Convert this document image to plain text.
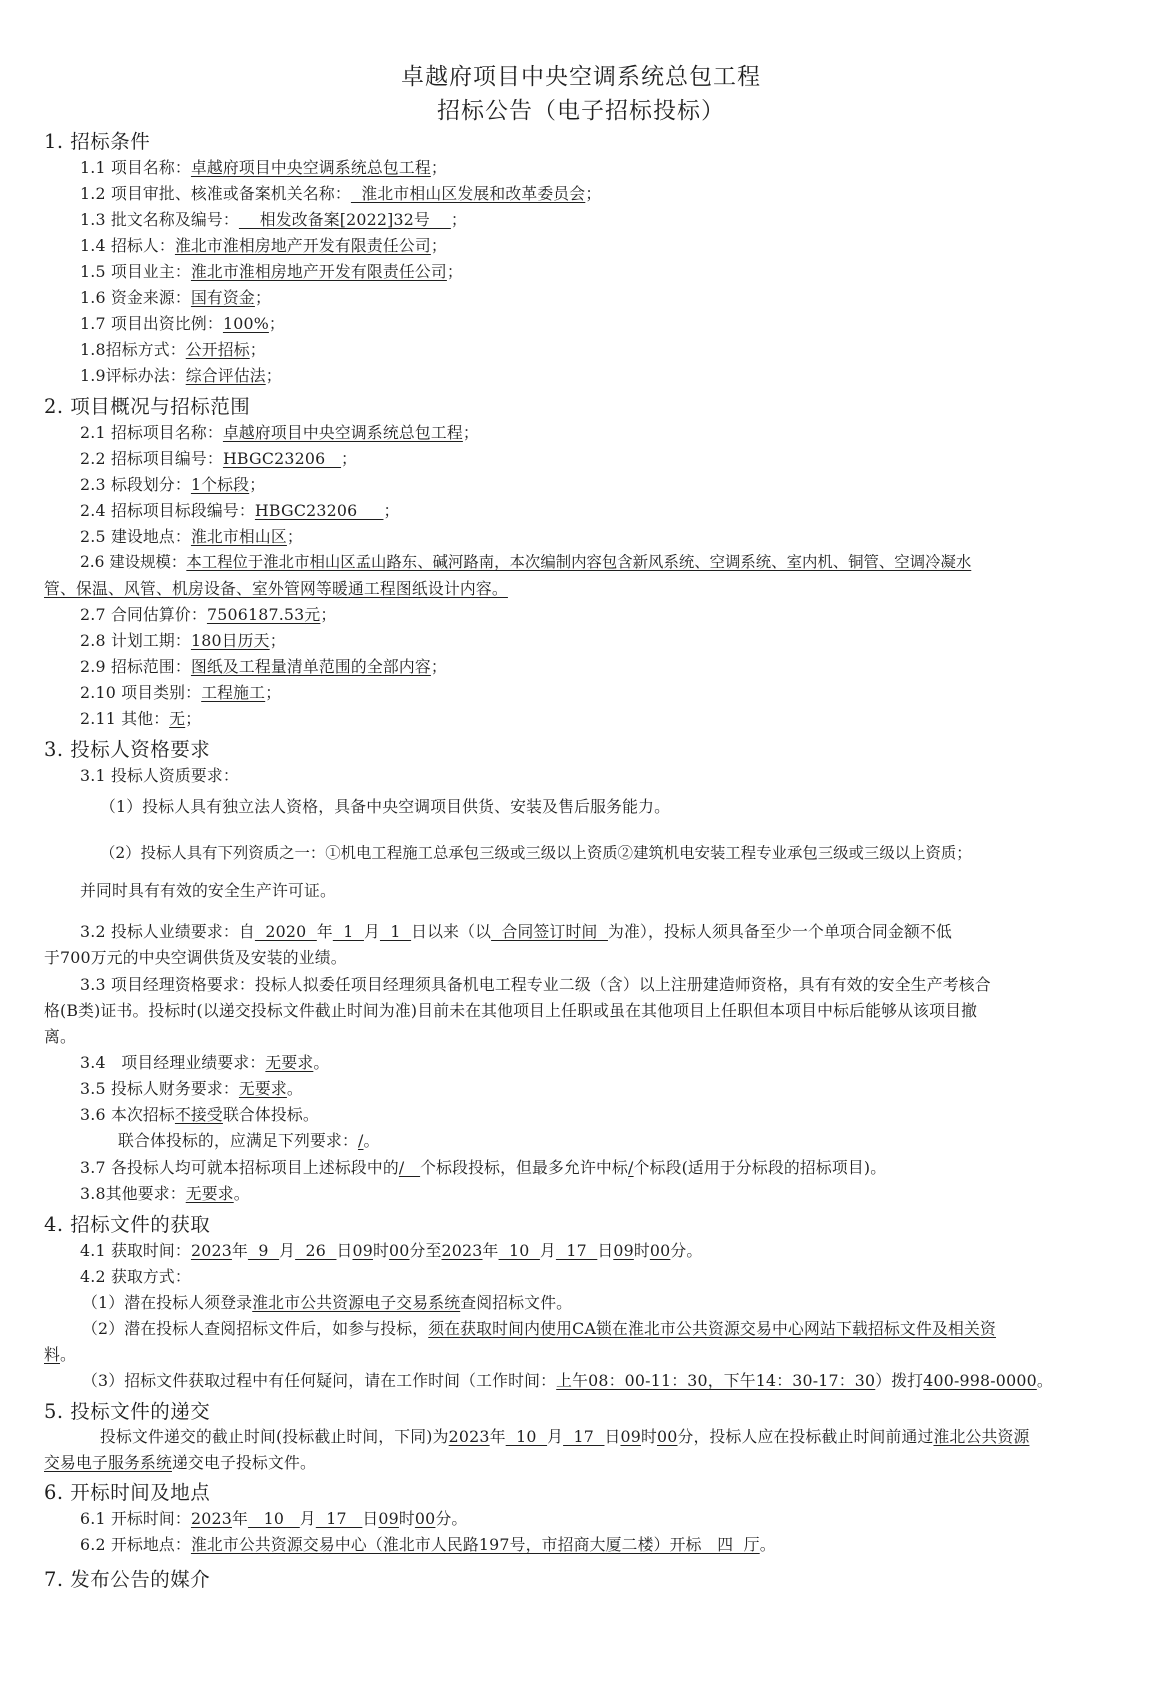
卓越府项目中央空调系统总包工程
招标公告（电子招标投标）
1. 招标条件
1.1 项目名称：卓越府项目中央空调系统总包工程；
1.2 项目审批、核准或备案机关名称：  淮北市相山区发展和改革委员会；
1.3 批文名称及编号：    相发改备案[2022]32号    ；
1.4 招标人：淮北市淮相房地产开发有限责任公司；
1.5 项目业主：淮北市淮相房地产开发有限责任公司；
1.6 资金来源：国有资金；
1.7 项目出资比例：100%；
1.8招标方式：公开招标；
1.9评标办法：综合评估法；
2. 项目概况与招标范围
2.1 招标项目名称：卓越府项目中央空调系统总包工程；
2.2 招标项目编号：HBGC23206   ；
2.3 标段划分：1个标段；
2.4 招标项目标段编号：HBGC23206     ；
2.5 建设地点：淮北市相山区；
2.6 建设规模：本工程位于淮北市相山区孟山路东、碱河路南，本次编制内容包含新风系统、空调系统、室内机、铜管、空调冷凝水
管、保温、风管、机房设备、室外管网等暖通工程图纸设计内容。
2.7 合同估算价：7506187.53元；
2.8 计划工期：180日历天；
2.9 招标范围：图纸及工程量清单范围的全部内容；
2.10 项目类别：工程施工；
2.11 其他：无；
3. 投标人资格要求
3.1 投标人资质要求：
（1）投标人具有独立法人资格，具备中央空调项目供货、安装及售后服务能力。
（2）投标人具有下列资质之一：①机电工程施工总承包三级或三级以上资质②建筑机电安装工程专业承包三级或三级以上资质；
并同时具有有效的安全生产许可证。
3.2 投标人业绩要求：自  2020  年  1  月  1  日以来（以  合同签订时间  为准），投标人须具备至少一个单项合同金额不低
于700万元的中央空调供货及安装的业绩。
3.3 项目经理资格要求：投标人拟委任项目经理须具备机电工程专业二级（含）以上注册建造师资格，具有有效的安全生产考核合
格(B类)证书。投标时(以递交投标文件截止时间为准)目前未在其他项目上任职或虽在其他项目上任职但本项目中标后能够从该项目撤
离。
3.4   项目经理业绩要求：无要求。
3.5 投标人财务要求：无要求。
3.6 本次招标不接受联合体投标。
联合体投标的，应满足下列要求：/。
3.7 各投标人均可就本招标项目上述标段中的/   个标段投标，但最多允许中标/个标段(适用于分标段的招标项目)。
3.8其他要求：无要求。
4. 招标文件的获取
4.1 获取时间：2023年  9  月  26  日09时00分至2023年  10  月  17  日09时00分。
4.2 获取方式：
（1）潜在投标人须登录淮北市公共资源电子交易系统查阅招标文件。
（2）潜在投标人查阅招标文件后，如参与投标，须在获取时间内使用CA锁在淮北市公共资源交易中心网站下载招标文件及相关资
料。
（3）招标文件获取过程中有任何疑问，请在工作时间（工作时间：上午08：00-11：30，下午14：30-17：30）拨打400-998-0000。
5. 投标文件的递交
投标文件递交的截止时间(投标截止时间，下同)为2023年  10  月  17  日09时00分，投标人应在投标截止时间前通过淮北公共资源
交易电子服务系统递交电子投标文件。
6. 开标时间及地点
6.1 开标时间：2023年   10   月  17   日09时00分。
6.2 开标地点：淮北市公共资源交易中心（淮北市人民路197号，市招商大厦二楼）开标   四  厅。
7. 发布公告的媒介
